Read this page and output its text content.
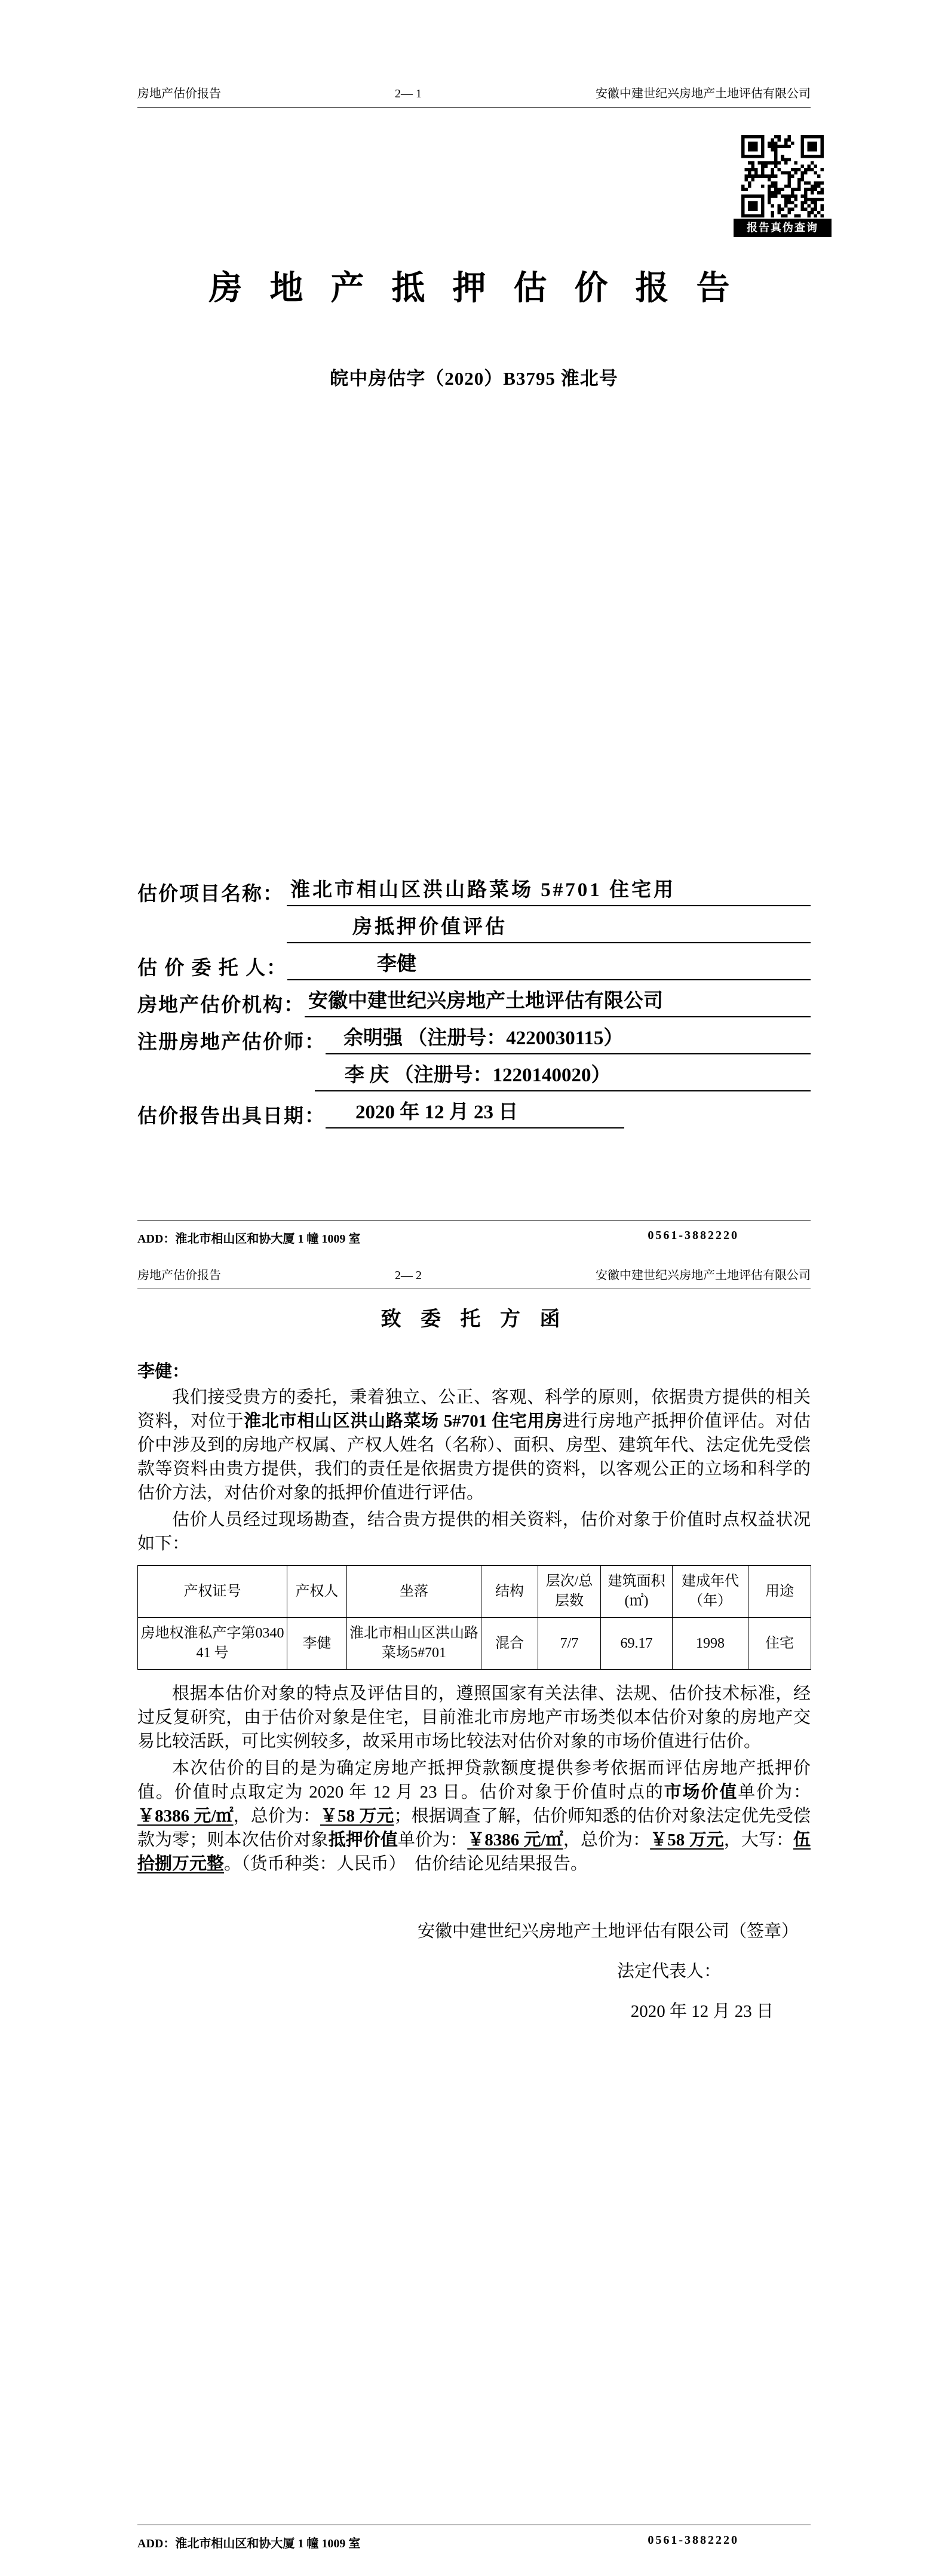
房地产估价报告	2— 1	安徽中建世纪兴房地产土地评估有限公司
报告真伪查询
房 地 产 抵 押 估 价 报 告
皖中房估字（2020）B3795 淮北号
估价项目名称： 淮北市相山区洪山路菜场 5#701 住宅用
房抵押价值评估
估 价 委 托 人：	李健
房地产估价机构： 安徽中建世纪兴房地产土地评估有限公司
注册房地产估价师： 余明强 （注册号：4220030115）
李 庆 （注册号：1220140020）
估价报告出具日期：	2020 年 12 月 23 日
ADD：淮北市相山区和协大厦 1 幢 1009 室	0561-3882220
房地产估价报告	2— 2	安徽中建世纪兴房地产土地评估有限公司
致 委 托 方 函

李健：

我们接受贵方的委托，秉着独立、公正、客观、科学的原则，依据贵方提供的相关资料，对位于淮北市相山区洪山路菜场 5#701 住宅用房进行房地产抵押价值评估。对估价中涉及到的房地产权属、产权人姓名（名称）、面积、房型、建筑年代、法定优先受偿款等资料由贵方提供，我们的责任是依据贵方提供的资料，以客观公正的立场和科学的估价方法，对估价对象的抵押价值进行评估。

估价人员经过现场勘查，结合贵方提供的相关资料，估价对象于价值时点权益状况如下：

产权证号	产权人	坐落	结构	层次/总层数	建筑面积(㎡)	建成年代（年）	用途
房地权淮私产字第034041 号	李健	淮北市相山区洪山路菜场5#701	混合	7/7	69.17	1998	住宅

根据本估价对象的特点及评估目的，遵照国家有关法律、法规、估价技术标准，经过反复研究，由于估价对象是住宅，目前淮北市房地产市场类似本估价对象的房地产交易比较活跃，可比实例较多，故采用市场比较法对估价对象的市场价值进行估价。

本次估价的目的是为确定房地产抵押贷款额度提供参考依据而评估房地产抵押价值。价值时点取定为 2020 年 12 月 23 日。估价对象于价值时点的市场价值单价为：￥8386 元/㎡，总价为：￥58 万元；根据调查了解，估价师知悉的估价对象法定优先受偿款为零；则本次估价对象抵押价值单价为：￥8386 元/㎡，总价为：￥58 万元，大写：伍拾捌万元整。（货币种类：人民币）　估价结论见结果报告。

安徽中建世纪兴房地产土地评估有限公司（签章）

法定代表人：

2020 年 12 月 23 日

ADD：淮北市相山区和协大厦 1 幢 1009 室	0561-3882220
